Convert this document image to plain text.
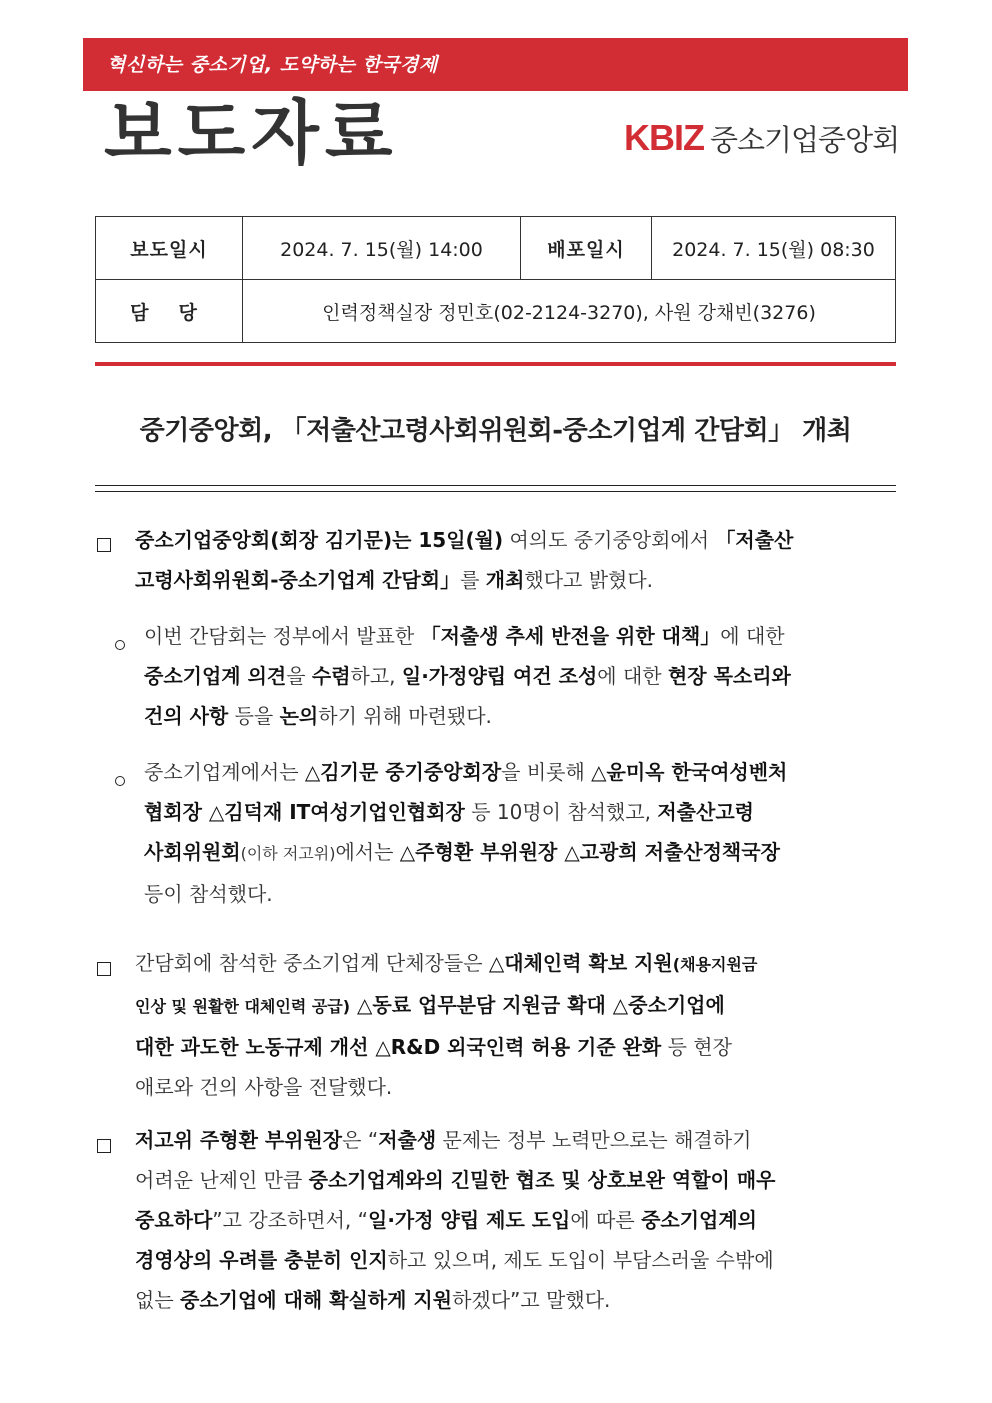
혁신하는 중소기업, 도약하는 한국경제
보도자료	KBIZ 중소기업중앙회
보도일시	2024. 7. 15(월) 14:00	배포일시	2024. 7. 15(월) 08:30
담당	인력정책실장 정민호(02-2124-3270), 사원 강채빈(3276)		
중기중앙회, 「저출산고령사회위원회-중소기업계 간담회」 개최
중소기업중앙회(회장 김기문)는 15일(월) 여의도 중기중앙회에서 「저출산
고령사회위원회-중소기업계 간담회」를 개최했다고 밝혔다.
이번 간담회는 정부에서 발표한 「저출생 추세 반전을 위한 대책」에 대한
중소기업계 의견을 수렴하고, 일·가정양립 여건 조성에 대한 현장 목소리와
건의 사항 등을 논의하기 위해 마련됐다.
중소기업계에서는 △김기문 중기중앙회장을 비롯해 △윤미옥 한국여성벤처
협회장 △김덕재 IT여성기업인협회장 등 10명이 참석했고, 저출산고령
사회위원회(이하 저고위)에서는 △주형환 부위원장 △고광희 저출산정책국장
등이 참석했다.
간담회에 참석한 중소기업계 단체장들은 △대체인력 확보 지원(채용지원금
인상 및 원활한 대체인력 공급) △동료 업무분담 지원금 확대 △중소기업에
대한 과도한 노동규제 개선 △R&D 외국인력 허용 기준 완화 등 현장
애로와 건의 사항을 전달했다.
저고위 주형환 부위원장은 “저출생 문제는 정부 노력만으로는 해결하기
어려운 난제인 만큼 중소기업계와의 긴밀한 협조 및 상호보완 역할이 매우
중요하다”고 강조하면서, “일·가정 양립 제도 도입에 따른 중소기업계의
경영상의 우려를 충분히 인지하고 있으며, 제도 도입이 부담스러울 수밖에
없는 중소기업에 대해 확실하게 지원하겠다”고 말했다.
